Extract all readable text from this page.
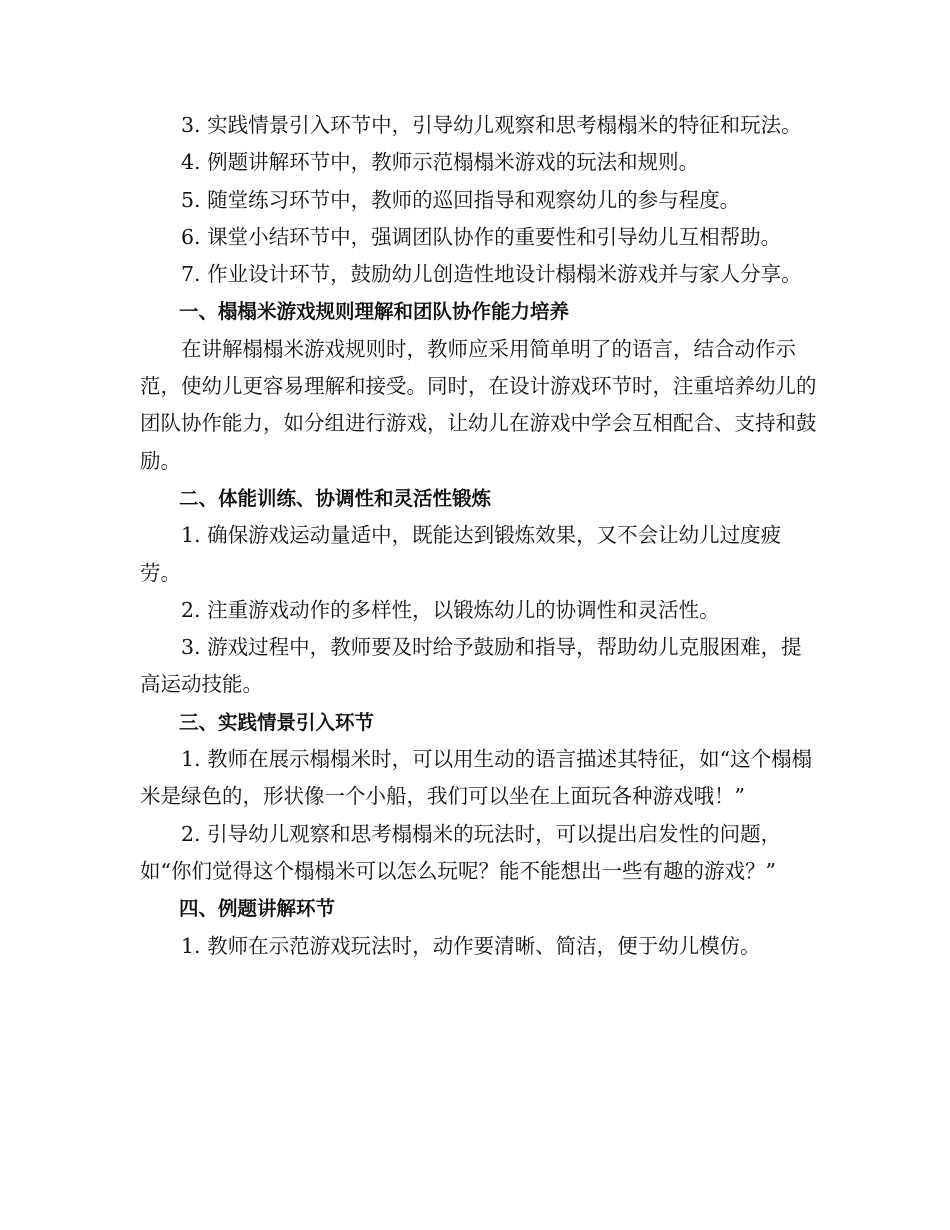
3. 实践情景引入环节中，引导幼儿观察和思考榻榻米的特征和玩法。

4. 例题讲解环节中，教师示范榻榻米游戏的玩法和规则。

5. 随堂练习环节中，教师的巡回指导和观察幼儿的参与程度。

6. 课堂小结环节中，强调团队协作的重要性和引导幼儿互相帮助。

7. 作业设计环节，鼓励幼儿创造性地设计榻榻米游戏并与家人分享。

一、榻榻米游戏规则理解和团队协作能力培养

在讲解榻榻米游戏规则时，教师应采用简单明了的语言，结合动作示范，使幼儿更容易理解和接受。同时，在设计游戏环节时，注重培养幼儿的团队协作能力，如分组进行游戏，让幼儿在游戏中学会互相配合、支持和鼓励。

二、体能训练、协调性和灵活性锻炼

1. 确保游戏运动量适中，既能达到锻炼效果，又不会让幼儿过度疲劳。

2. 注重游戏动作的多样性，以锻炼幼儿的协调性和灵活性。

3. 游戏过程中，教师要及时给予鼓励和指导，帮助幼儿克服困难，提高运动技能。

三、实践情景引入环节

1. 教师在展示榻榻米时，可以用生动的语言描述其特征，如“这个榻榻米是绿色的，形状像一个小船，我们可以坐在上面玩各种游戏哦！”

2. 引导幼儿观察和思考榻榻米的玩法时，可以提出启发性的问题，如“你们觉得这个榻榻米可以怎么玩呢？能不能想出一些有趣的游戏？”

四、例题讲解环节

1. 教师在示范游戏玩法时，动作要清晰、简洁，便于幼儿模仿。
